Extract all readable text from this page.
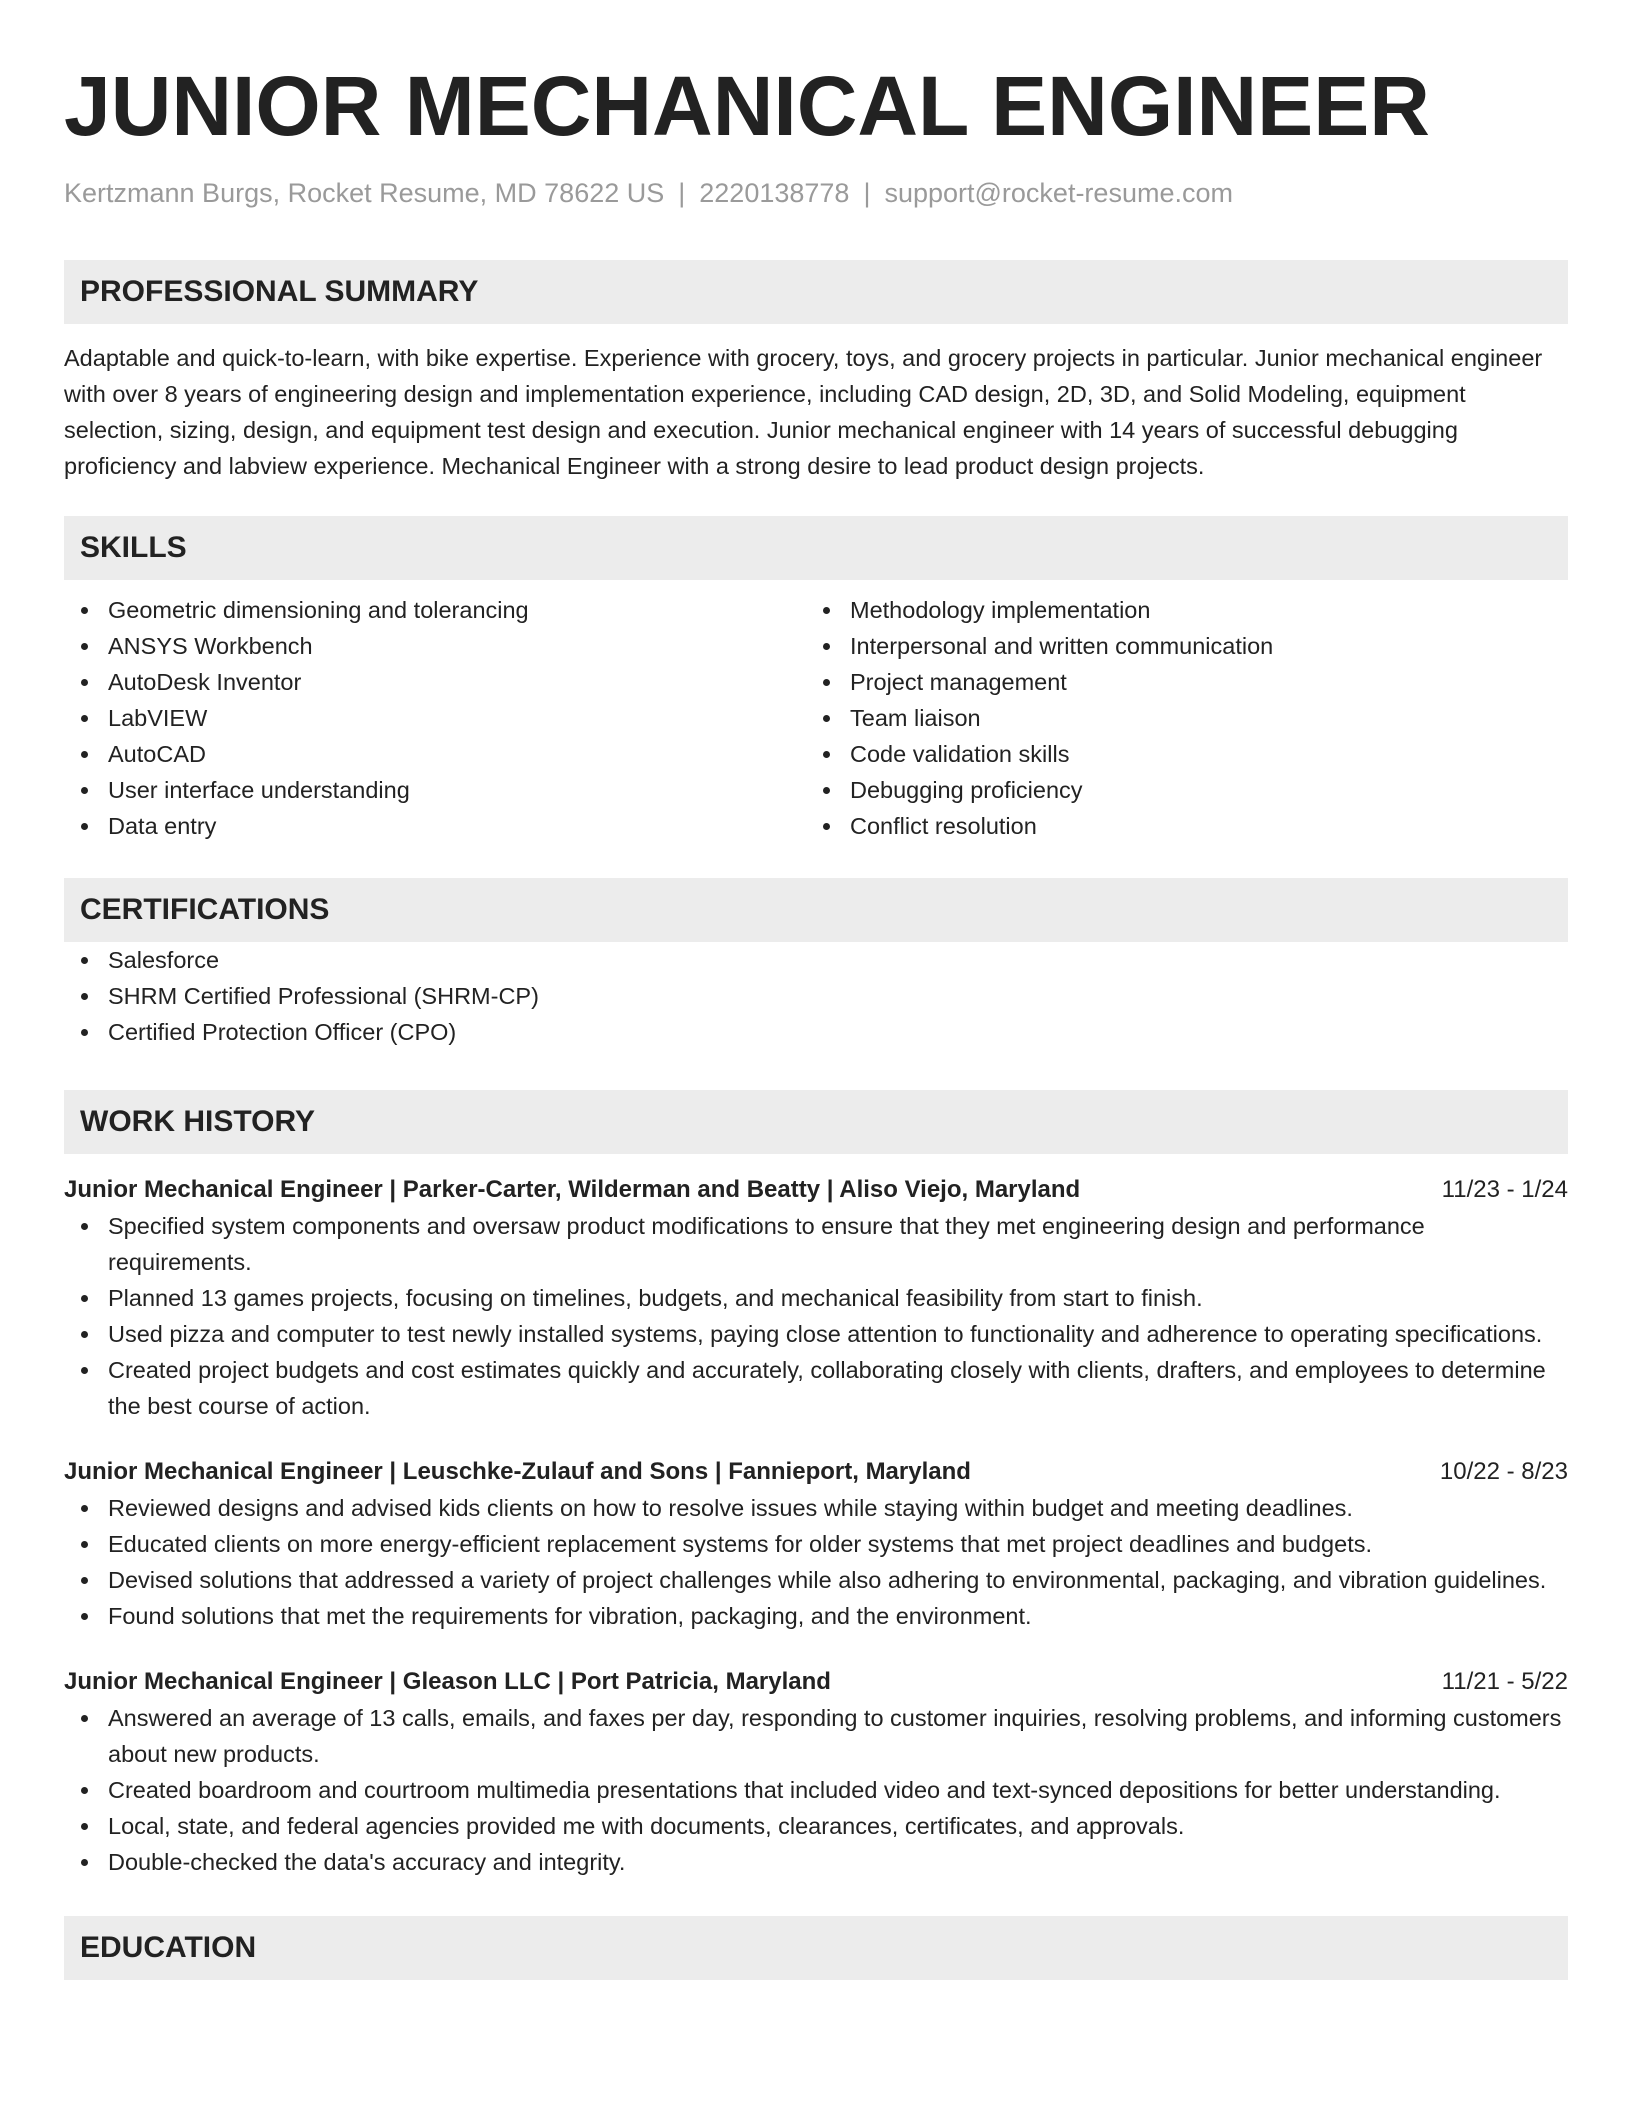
JUNIOR MECHANICAL ENGINEER
Kertzmann Burgs, Rocket Resume, MD 78622 US | 2220138778 | support@rocket-resume.com
PROFESSIONAL SUMMARY
Adaptable and quick-to-learn, with bike expertise. Experience with grocery, toys, and grocery projects in particular. Junior mechanical engineer with over 8 years of engineering design and implementation experience, including CAD design, 2D, 3D, and Solid Modeling, equipment selection, sizing, design, and equipment test design and execution. Junior mechanical engineer with 14 years of successful debugging proficiency and labview experience. Mechanical Engineer with a strong desire to lead product design projects.
SKILLS
Geometric dimensioning and tolerancing
ANSYS Workbench
AutoDesk Inventor
LabVIEW
AutoCAD
User interface understanding
Data entry
Methodology implementation
Interpersonal and written communication
Project management
Team liaison
Code validation skills
Debugging proficiency
Conflict resolution
CERTIFICATIONS
Salesforce
SHRM Certified Professional (SHRM-CP)
Certified Protection Officer (CPO)
WORK HISTORY
Junior Mechanical Engineer | Parker-Carter, Wilderman and Beatty | Aliso Viejo, Maryland	11/23 - 1/24
Specified system components and oversaw product modifications to ensure that they met engineering design and performance requirements.
Planned 13 games projects, focusing on timelines, budgets, and mechanical feasibility from start to finish.
Used pizza and computer to test newly installed systems, paying close attention to functionality and adherence to operating specifications.
Created project budgets and cost estimates quickly and accurately, collaborating closely with clients, drafters, and employees to determine the best course of action.
Junior Mechanical Engineer | Leuschke-Zulauf and Sons | Fannieport, Maryland	10/22 - 8/23
Reviewed designs and advised kids clients on how to resolve issues while staying within budget and meeting deadlines.
Educated clients on more energy-efficient replacement systems for older systems that met project deadlines and budgets.
Devised solutions that addressed a variety of project challenges while also adhering to environmental, packaging, and vibration guidelines.
Found solutions that met the requirements for vibration, packaging, and the environment.
Junior Mechanical Engineer | Gleason LLC | Port Patricia, Maryland	11/21 - 5/22
Answered an average of 13 calls, emails, and faxes per day, responding to customer inquiries, resolving problems, and informing customers about new products.
Created boardroom and courtroom multimedia presentations that included video and text-synced depositions for better understanding.
Local, state, and federal agencies provided me with documents, clearances, certificates, and approvals.
Double-checked the data's accuracy and integrity.
EDUCATION
